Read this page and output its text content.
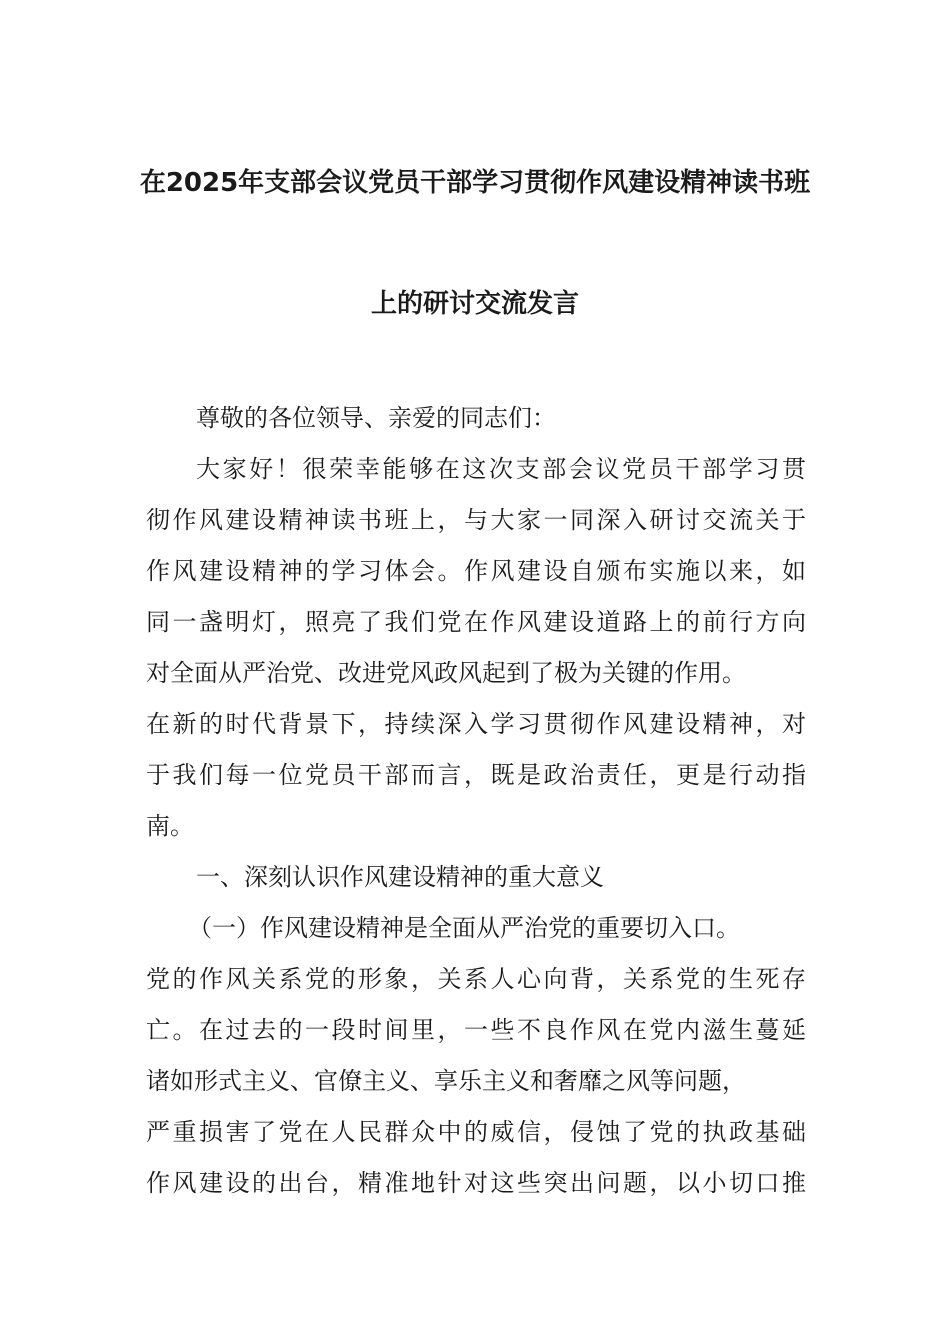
在2025年支部会议党员干部学习贯彻作风建设精神读书班
上的研讨交流发言
尊敬的各位领导、亲爱的同志们：
大家好！很荣幸能够在这次支部会议党员干部学习贯
彻作风建设精神读书班上，与大家一同深入研讨交流关于
作风建设精神的学习体会。作风建设自颁布实施以来，如
同一盏明灯，照亮了我们党在作风建设道路上的前行方向
对全面从严治党、改进党风政风起到了极为关键的作用。
在新的时代背景下，持续深入学习贯彻作风建设精神，对
于我们每一位党员干部而言，既是政治责任，更是行动指
南。
一、深刻认识作风建设精神的重大意义
（一）作风建设精神是全面从严治党的重要切入口。
党的作风关系党的形象，关系人心向背，关系党的生死存
亡。在过去的一段时间里，一些不良作风在党内滋生蔓延
诸如形式主义、官僚主义、享乐主义和奢靡之风等问题，
严重损害了党在人民群众中的威信，侵蚀了党的执政基础
作风建设的出台，精准地针对这些突出问题，以小切口推
